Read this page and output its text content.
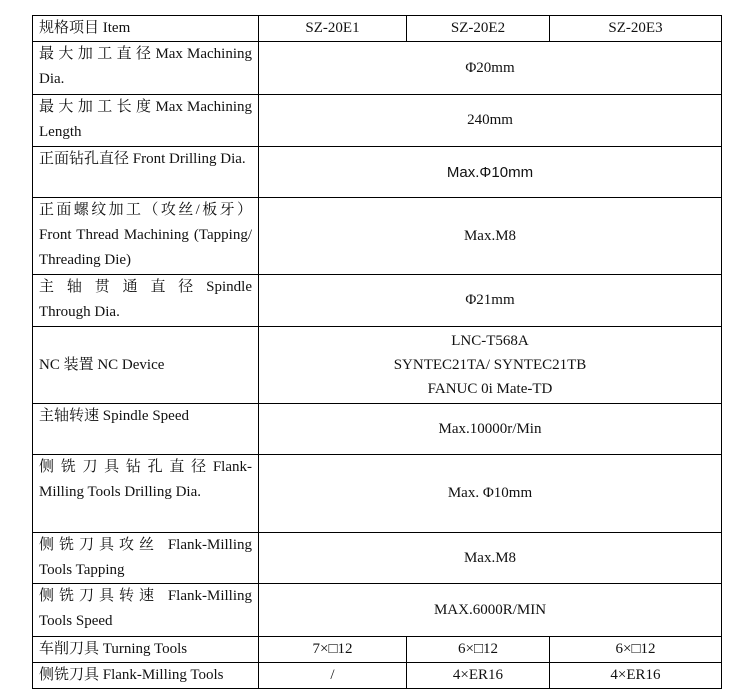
规格项目 Item	SZ-20E1	SZ-20E2	SZ-20E3
最 大 加 工 直 径 Max Machining Dia.	Φ20mm		
最 大 加 工 长 度 Max Machining Length	240mm		
正面钻孔直径 Front Drilling Dia.	Max.Φ10mm		
正面螺纹加工（攻丝/板牙）Front Thread Machining (Tapping/ Threading Die)	Max.M8		
主 轴 贯 通 直 径 Spindle Through Dia.	Φ21mm		
NC 装置 NC Device	LNC-T568A
SYNTEC21TA/ SYNTEC21TB
FANUC 0i Mate-TD		

主轴转速 Spindle Speed	Max.10000r/Min		
侧 铣 刀 具 钻 孔 直 径 Flank-Milling Tools Drilling Dia.	Max. Φ10mm		
侧铣刀具攻丝 Flank-Milling Tools Tapping	Max.M8		
侧铣刀具转速 Flank-Milling Tools Speed	MAX.6000R/MIN		
车削刀具 Turning Tools	7×□12	6×□12	6×□12
侧铣刀具 Flank-Milling Tools	/	4×ER16	4×ER16
